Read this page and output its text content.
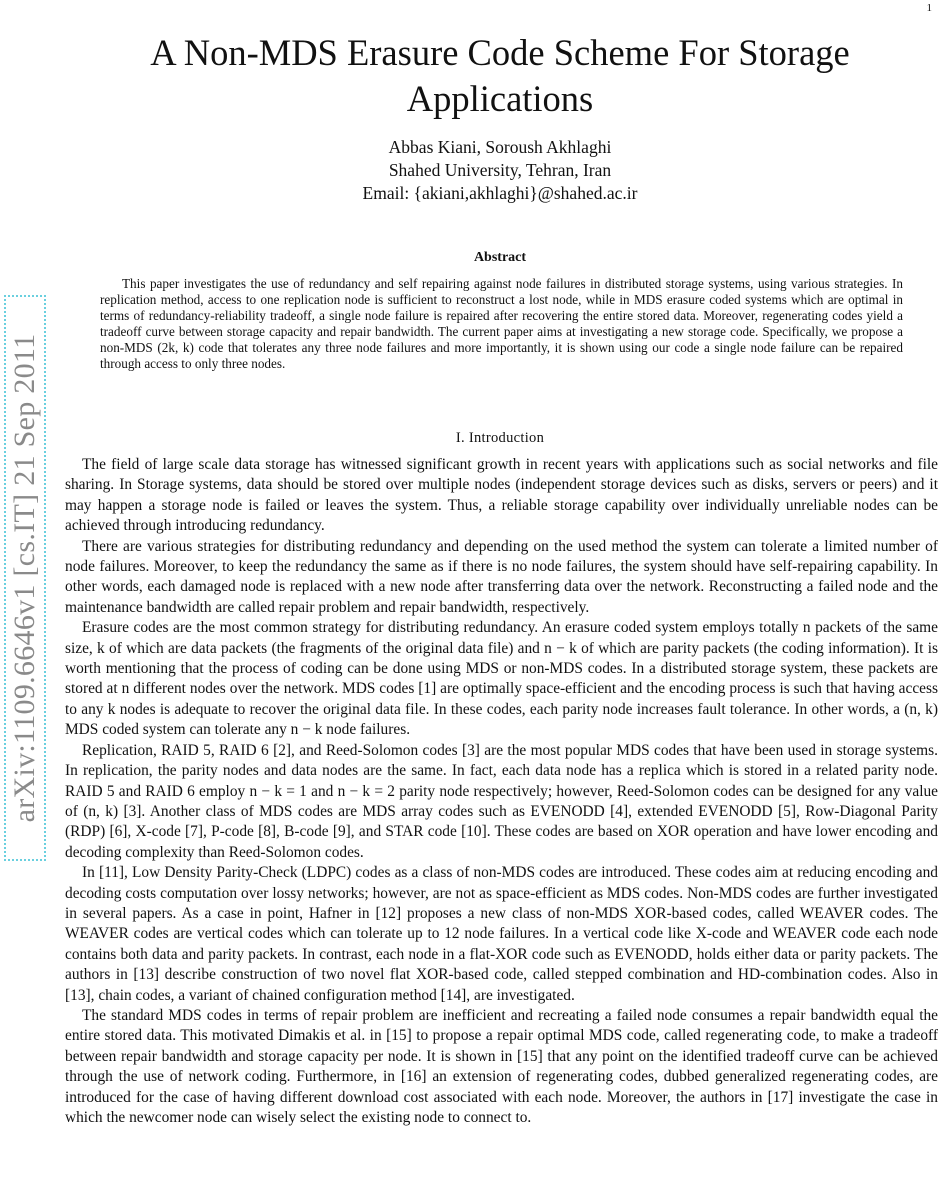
1
arXiv:1109.6646v1 [cs.IT] 21 Sep 2011
A Non-MDS Erasure Code Scheme For Storage Applications
Abbas Kiani, Soroush Akhlaghi
Shahed University, Tehran, Iran
Email: {akiani,akhlaghi}@shahed.ac.ir
Abstract

This paper investigates the use of redundancy and self repairing against node failures in distributed storage systems, using various strategies. In replication method, access to one replication node is sufficient to reconstruct a lost node, while in MDS erasure coded systems which are optimal in terms of redundancy-reliability tradeoff, a single node failure is repaired after recovering the entire stored data. Moreover, regenerating codes yield a tradeoff curve between storage capacity and repair bandwidth. The current paper aims at investigating a new storage code. Specifically, we propose a non-MDS (2k, k) code that tolerates any three node failures and more importantly, it is shown using our code a single node failure can be repaired through access to only three nodes.

I. Introduction

The field of large scale data storage has witnessed significant growth in recent years with applications such as social networks and file sharing. In Storage systems, data should be stored over multiple nodes (independent storage devices such as disks, servers or peers) and it may happen a storage node is failed or leaves the system. Thus, a reliable storage capability over individually unreliable nodes can be achieved through introducing redundancy.

There are various strategies for distributing redundancy and depending on the used method the system can tolerate a limited number of node failures. Moreover, to keep the redundancy the same as if there is no node failures, the system should have self-repairing capability. In other words, each damaged node is replaced with a new node after transferring data over the network. Reconstructing a failed node and the maintenance bandwidth are called repair problem and repair bandwidth, respectively.

Erasure codes are the most common strategy for distributing redundancy. An erasure coded system employs totally n packets of the same size, k of which are data packets (the fragments of the original data file) and n − k of which are parity packets (the coding information). It is worth mentioning that the process of coding can be done using MDS or non-MDS codes. In a distributed storage system, these packets are stored at n different nodes over the network. MDS codes [1] are optimally space-efficient and the encoding process is such that having access to any k nodes is adequate to recover the original data file. In these codes, each parity node increases fault tolerance. In other words, a (n, k) MDS coded system can tolerate any n − k node failures.

Replication, RAID 5, RAID 6 [2], and Reed-Solomon codes [3] are the most popular MDS codes that have been used in storage systems. In replication, the parity nodes and data nodes are the same. In fact, each data node has a replica which is stored in a related parity node. RAID 5 and RAID 6 employ n − k = 1 and n − k = 2 parity node respectively; however, Reed-Solomon codes can be designed for any value of (n, k) [3]. Another class of MDS codes are MDS array codes such as EVENODD [4], extended EVENODD [5], Row-Diagonal Parity (RDP) [6], X-code [7], P-code [8], B-code [9], and STAR code [10]. These codes are based on XOR operation and have lower encoding and decoding complexity than Reed-Solomon codes.

In [11], Low Density Parity-Check (LDPC) codes as a class of non-MDS codes are introduced. These codes aim at reducing encoding and decoding costs computation over lossy networks; however, are not as space-efficient as MDS codes. Non-MDS codes are further investigated in several papers. As a case in point, Hafner in [12] proposes a new class of non-MDS XOR-based codes, called WEAVER codes. The WEAVER codes are vertical codes which can tolerate up to 12 node failures. In a vertical code like X-code and WEAVER code each node contains both data and parity packets. In contrast, each node in a flat-XOR code such as EVENODD, holds either data or parity packets. The authors in [13] describe construction of two novel flat XOR-based code, called stepped combination and HD-combination codes. Also in [13], chain codes, a variant of chained configuration method [14], are investigated.

The standard MDS codes in terms of repair problem are inefficient and recreating a failed node consumes a repair bandwidth equal the entire stored data. This motivated Dimakis et al. in [15] to propose a repair optimal MDS code, called regenerating code, to make a tradeoff between repair bandwidth and storage capacity per node. It is shown in [15] that any point on the identified tradeoff curve can be achieved through the use of network coding. Furthermore, in [16] an extension of regenerating codes, dubbed generalized regenerating codes, are introduced for the case of having different download cost associated with each node. Moreover, the authors in [17] investigate the case in which the newcomer node can wisely select the existing node to connect to.
